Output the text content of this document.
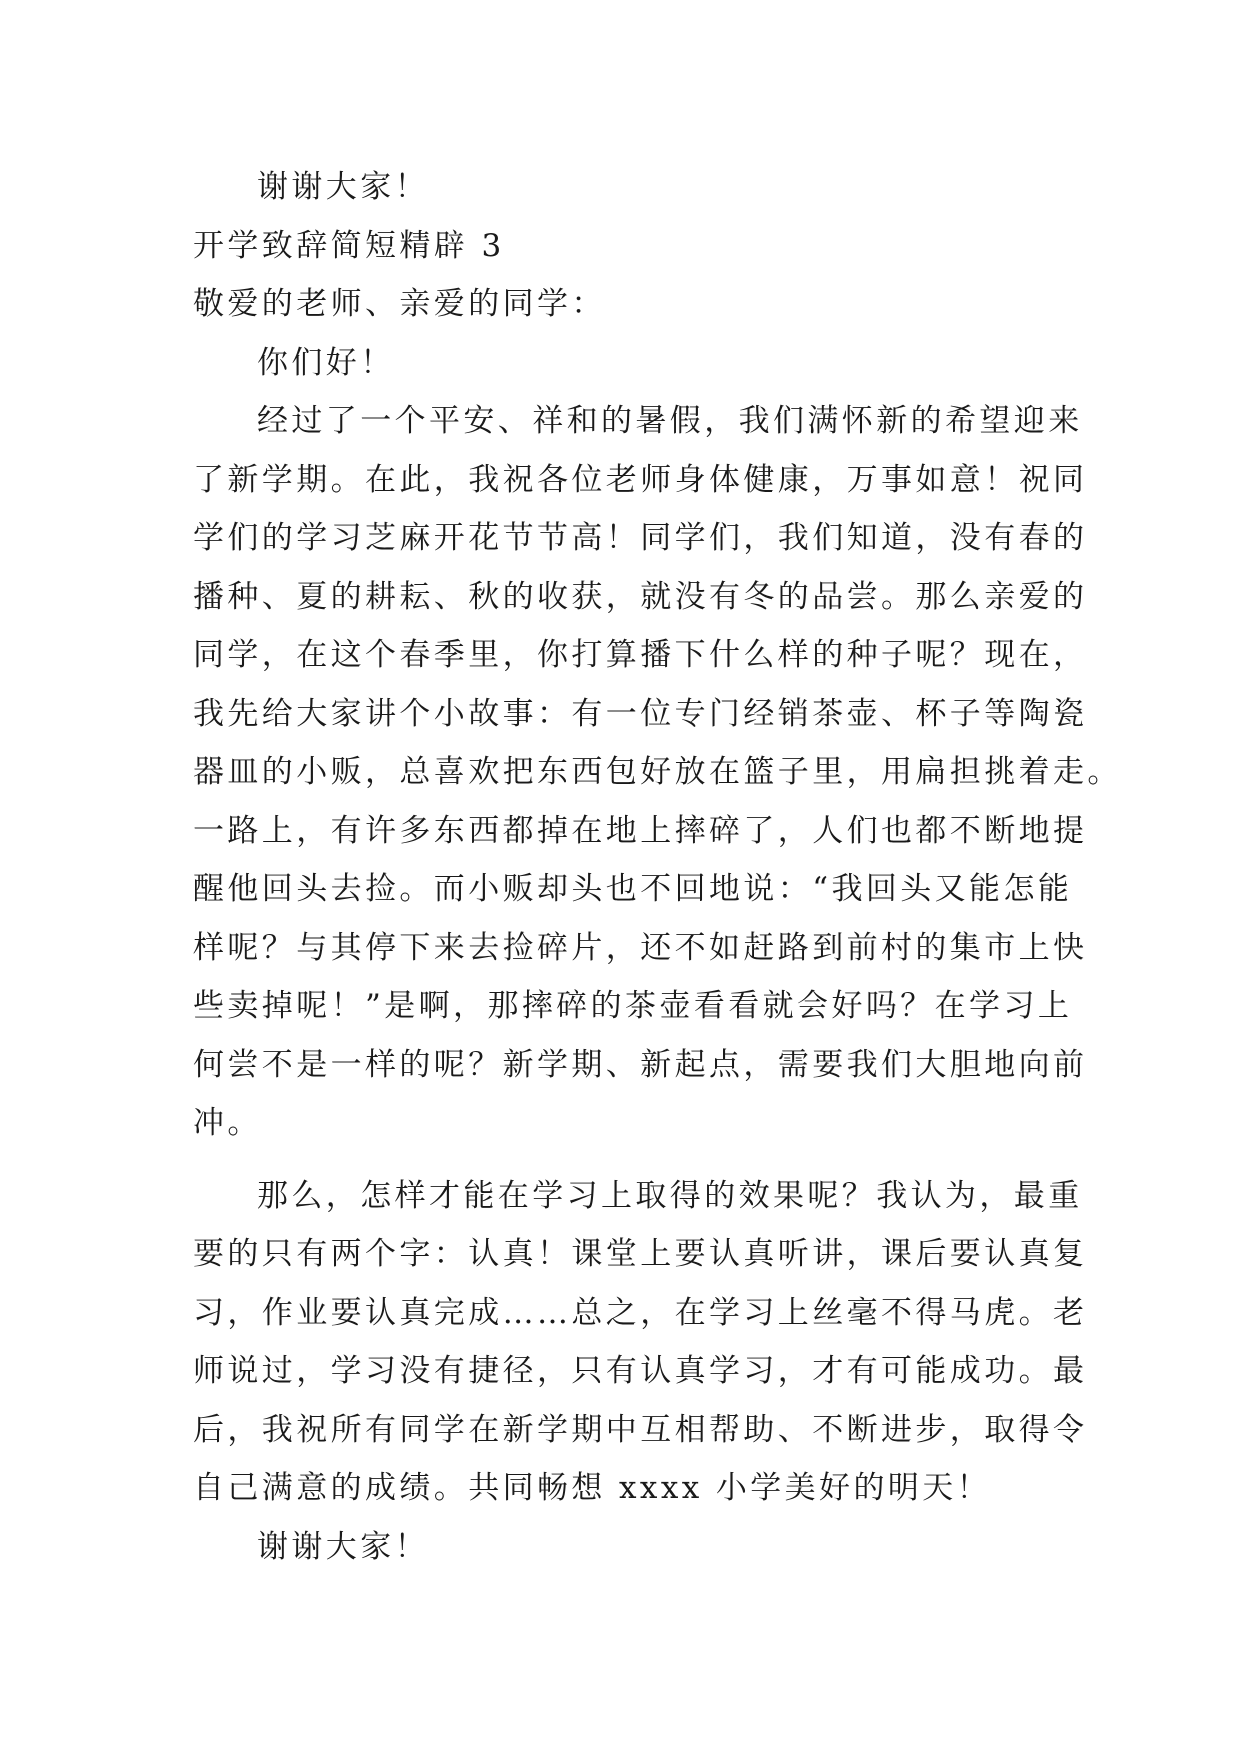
谢谢大家！

开学致辞简短精辟 3

敬爱的老师、亲爱的同学：

你们好！

经过了一个平安、祥和的暑假，我们满怀新的希望迎来
了新学期。在此，我祝各位老师身体健康，万事如意！祝同
学们的学习芝麻开花节节高！同学们，我们知道，没有春的
播种、夏的耕耘、秋的收获，就没有冬的品尝。那么亲爱的
同学，在这个春季里，你打算播下什么样的种子呢？现在，
我先给大家讲个小故事：有一位专门经销茶壶、杯子等陶瓷
器皿的小贩，总喜欢把东西包好放在篮子里，用扁担挑着走。
一路上，有许多东西都掉在地上摔碎了，人们也都不断地提
醒他回头去捡。而小贩却头也不回地说：“我回头又能怎能
样呢？与其停下来去捡碎片，还不如赶路到前村的集市上快
些卖掉呢！”是啊，那摔碎的茶壶看看就会好吗？在学习上
何尝不是一样的呢？新学期、新起点，需要我们大胆地向前
冲。
那么，怎样才能在学习上取得的效果呢？我认为，最重
要的只有两个字：认真！课堂上要认真听讲，课后要认真复
习，作业要认真完成……总之，在学习上丝毫不得马虎。老
师说过，学习没有捷径，只有认真学习，才有可能成功。最
后，我祝所有同学在新学期中互相帮助、不断进步，取得令
自己满意的成绩。共同畅想 xxxx 小学美好的明天！

谢谢大家！
